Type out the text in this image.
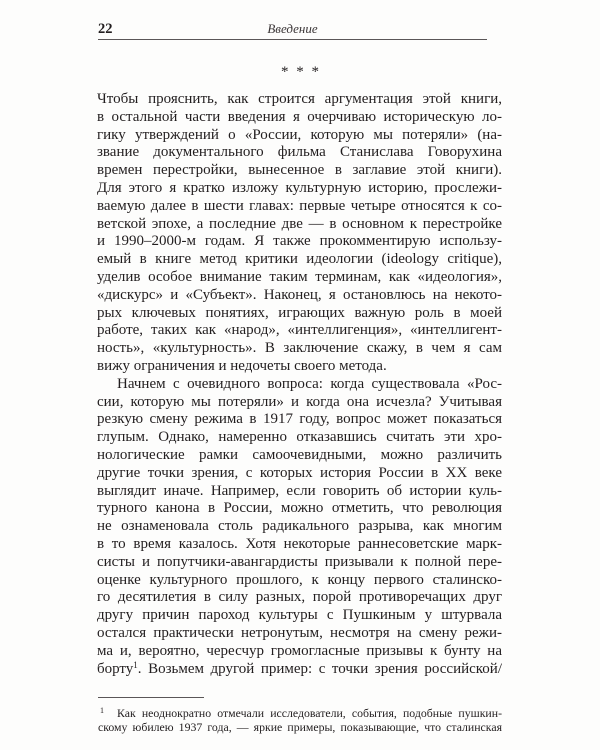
22	Введение
* * *
Чтобы прояснить, как строится аргументация этой книги,
в остальной части введения я очерчиваю историческую ло-
гику утверждений о «России, которую мы потеряли» (на-
звание документального фильма Станислава Говорухина
времен перестройки, вынесенное в заглавие этой книги).
Для этого я кратко изложу культурную историю, прослежи-
ваемую далее в шести главах: первые четыре относятся к со-
ветской эпохе, а последние две — в основном к перестройке
и 1990–2000-м годам. Я также прокомментирую использу-
емый в книге метод критики идеологии (ideology critique),
уделив особое внимание таким терминам, как «идеология»,
«дискурс» и «Субъект». Наконец, я остановлюсь на некото-
рых ключевых понятиях, играющих важную роль в моей
работе, таких как «народ», «интеллигенция», «интеллигент-
ность», «культурность». В заключение скажу, в чем я сам
вижу ограничения и недочеты своего метода.
Начнем с очевидного вопроса: когда существовала «Рос-
сии, которую мы потеряли» и когда она исчезла? Учитывая
резкую смену режима в 1917 году, вопрос может показаться
глупым. Однако, намеренно отказавшись считать эти хро-
нологические рамки самоочевидными, можно различить
другие точки зрения, с которых история России в XX веке
выглядит иначе. Например, если говорить об истории куль-
турного канона в России, можно отметить, что революция
не ознаменовала столь радикального разрыва, как многим
в то время казалось. Хотя некоторые раннесоветские марк-
систы и попутчики-авангардисты призывали к полной пере-
оценке культурного прошлого, к концу первого сталинско-
го десятилетия в силу разных, порой противоречащих друг
другу причин пароход культуры с Пушкиным у штурвала
остался практически нетронутым, несмотря на смену режи-
ма и, вероятно, чересчур громогласные призывы к бунту на
борту$^1$. Возьмем другой пример: с точки зрения российской/
1 Как неоднократно отмечали исследователи, события, подобные пушкин-
скому юбилею 1937 года, — яркие примеры, показывающие, что сталинская
